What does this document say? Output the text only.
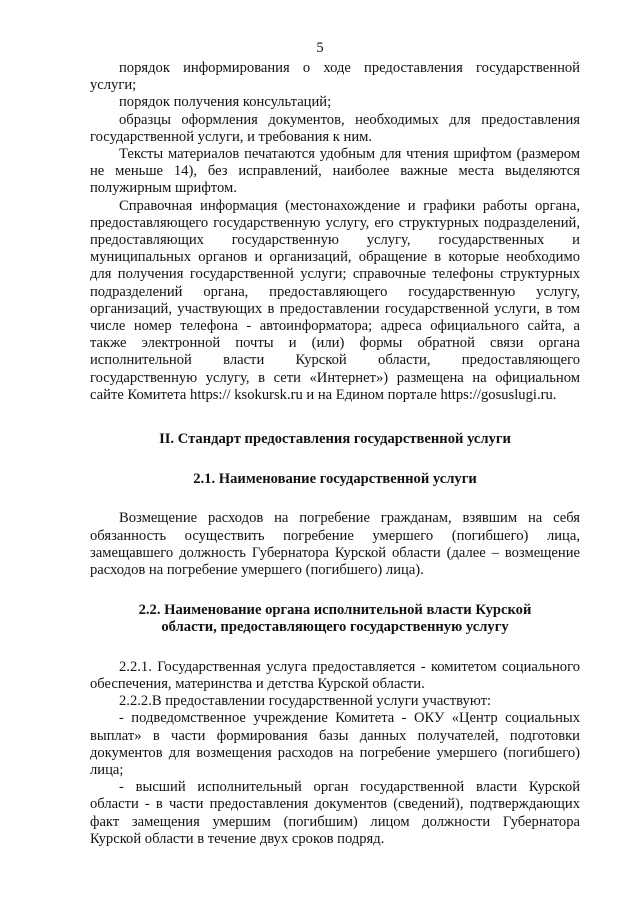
5

порядок информирования о ходе предоставления государственной услуги;

порядок получения консультаций;

образцы оформления документов, необходимых для предоставления государственной услуги, и требования к ним.

Тексты материалов печатаются удобным для чтения шрифтом (размером не меньше 14), без исправлений, наиболее важные места выделяются полужирным шрифтом.

Справочная информация (местонахождение и графики работы органа, предоставляющего государственную услугу, его структурных подразделений, предоставляющих государственную услугу, государственных и муниципальных органов и организаций, обращение в которые необходимо для получения государственной услуги; справочные телефоны структурных подразделений органа, предоставляющего государственную услугу, организаций, участвующих в предоставлении государственной услуги, в том числе номер телефона - автоинформатора; адреса официального сайта, а также электронной почты и (или) формы обратной связи органа исполнительной власти Курской области, предоставляющего государственную услугу, в сети «Интернет») размещена на официальном сайте Комитета https:// ksokursk.ru и на Едином портале https://gosuslugi.ru.

II. Стандарт предоставления государственной услуги

2.1. Наименование государственной услуги

Возмещение расходов на погребение гражданам, взявшим на себя обязанность осуществить погребение умершего (погибшего) лица, замещавшего должность Губернатора Курской области (далее – возмещение расходов на погребение умершего (погибшего) лица).

2.2. Наименование органа исполнительной власти Курской
области, предоставляющего государственную услугу

2.2.1. Государственная услуга предоставляется - комитетом социального обеспечения, материнства и детства Курской области.

2.2.2.В предоставлении государственной услуги участвуют:

- подведомственное учреждение Комитета - ОКУ «Центр социальных выплат» в части формирования базы данных получателей, подготовки документов для возмещения расходов на погребение умершего (погибшего) лица;

- высший исполнительный орган государственной власти Курской области - в части предоставления документов (сведений), подтверждающих факт замещения умершим (погибшим) лицом должности Губернатора Курской области в течение двух сроков подряд.
